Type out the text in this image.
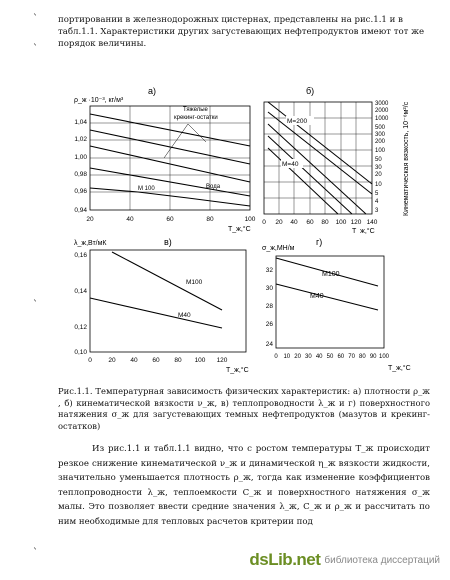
`
`
`
`

портировании в железнодорожных цистернах, представлены на рис.1.1 и в табл.1.1. Характеристики других загустевающих нефтепродуктов имеют тот же порядок величины.

а)
ρ_ж ·10⁻³, кг/м³
Тяжелые
крекинг-остатки
М 100	Вода
1,04
1,02
1,00
0,98
0,96
0,94
20	40	60	80	100
T_ж,°C
б)
М=200
М=40
3000
2000
1000
500
300
200
100
50
30
20
10
5
4
3	Кинематическая вязкость, 10⁻⁶м²/с
0 20 40 60 80 100 120 140
T_ж,°C
в)
λ_ж,Вт/мК
М100
М40
0,16
0,14
0,12
0,10
0	20 40 60 80 100 120
T_ж,°C
г)
σ_ж,МН/м
М100
М40
32
30
28
26
24
0 10 20 30 40 50 60 70 80 90 100
T_ж,°C
Рис.1.1. Температурная зависимость физических характеристик: а) плотности ρ_ж , б) кинематической вязкости ν_ж, в) теплопроводности λ_ж и г) поверхностного натяжения σ_ж для загустевающих темных нефтепродуктов (мазутов и крекинг-остатков)
Из рис.1.1 и табл.1.1 видно, что с ростом температуры T_ж происходит резкое снижение кинематической ν_ж и динамической η_ж вязкости жидкости, значительно уменьшается плотность ρ_ж, тогда как изменение коэффициентов теплопроводности λ_ж, теплоемкости C_ж и поверхностного натяжения σ_ж малы. Это позволяет ввести средние значения λ_ж, C_ж и ρ_ж и рассчитать по ним необходимые для тепловых расчетов критерии под
dsLib.net библиотека диссертаций
